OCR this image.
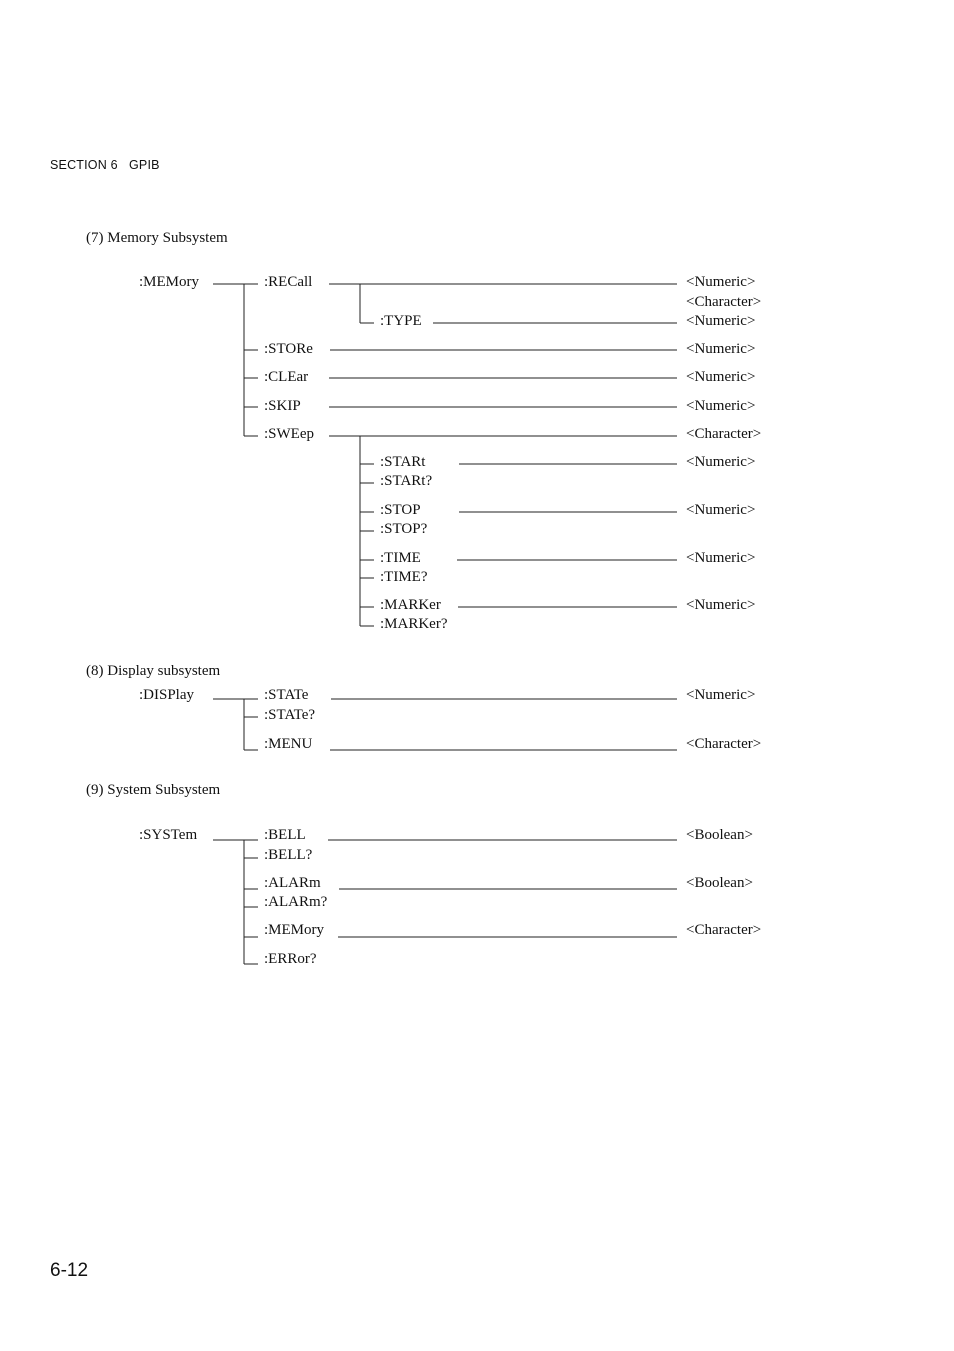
SECTION 6 GPIB
(7) Memory Subsystem
:MEMory	:RECall	<Numeric>
<Character>
:TYPE	<Numeric>
:STORe	<Numeric>
:CLEar	<Numeric>
:SKIP	<Numeric>
:SWEep	<Character>
:STARt	<Numeric>
:STARt?
:STOP	<Numeric>
:STOP?
:TIME	<Numeric>
:TIME?
:MARKer	<Numeric>
:MARKer?
(8) Display subsystem
:DISPlay	:STATe	<Numeric>
:STATe?
:MENU	<Character>
(9) System Subsystem
:SYSTem	:BELL	<Boolean>
:BELL?
:ALARm	<Boolean>
:ALARm?
:MEMory	<Character>
:ERRor?
6-12
